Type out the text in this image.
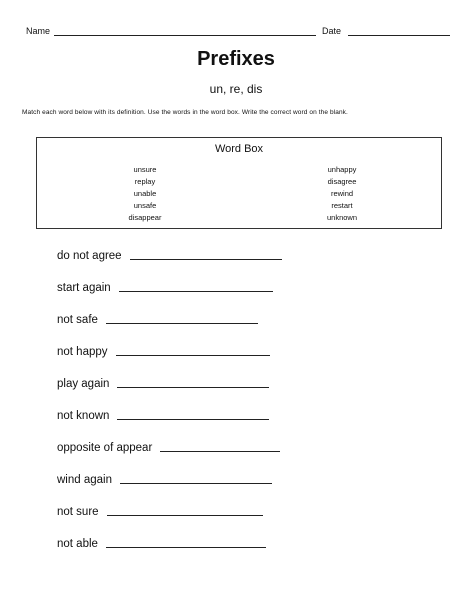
Name	Date
Prefixes
un, re, dis
Match each word below with its definition. Use the words in the word box. Write the correct word on the blank.
Word Box
unsure
replay
unable
unsafe
disappear
unhappy
disagree
rewind
restart
unknown
do not agree
start again
not safe
not happy
play again
not known
opposite of appear
wind again
not sure
not able
